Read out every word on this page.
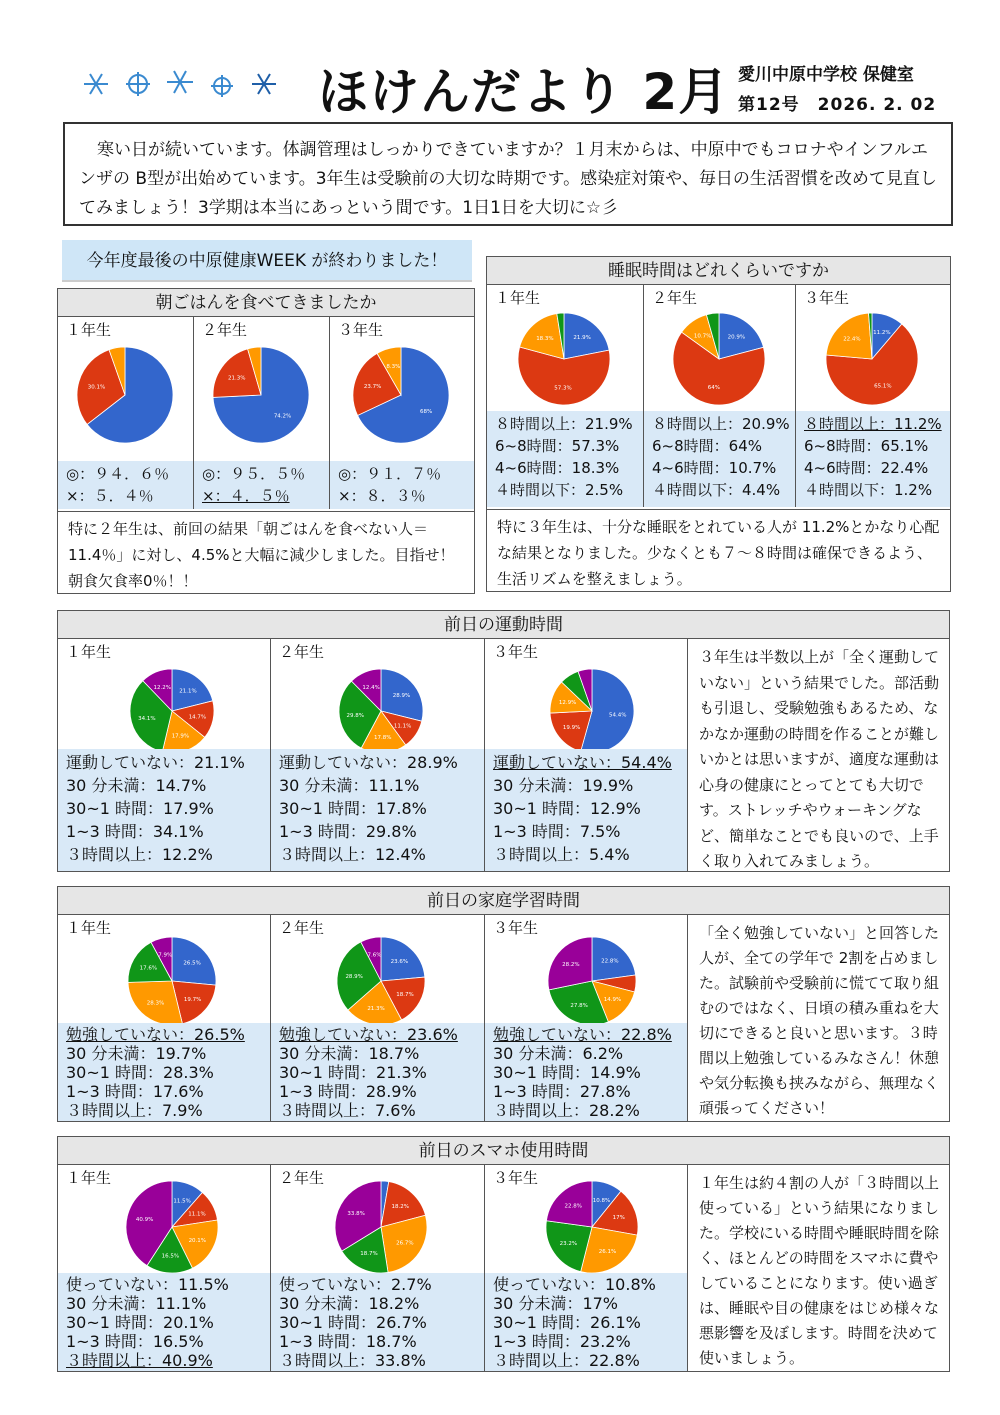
ほけんだより 2月 愛川中原中学校 保健室
第12号　2026. 2. 02
寒い日が続いています。体調管理はしっかりできていますか？１月末からは、中原中でもコロナやインフルエンザの B型が出始めています。3年生は受験前の大切な時期です。感染症対策や、毎日の生活習慣を改めて見直してみましょう！3学期は本当にあっという間です。1日1日を大切に☆彡
今年度最後の中原健康WEEK が終わりました！
朝ごはんを食べてきましたか
１年生
30.1%
２年生
74.2%
21.3%
３年生
68%
23.7%
8.3%
◎：９４．６％
×：５．４％
◎：９５．５％
×：４．５％
◎：９１．７％
×：８．３％
特に２年生は、前回の結果「朝ごはんを食べない人＝11.4％」に対し、4.5%と大幅に減少しました。目指せ！朝食欠食率0％！！
睡眠時間はどれくらいですか
１年生
21.9%
57.3%
18.3%
２年生
20.9%
64%
10.7%
３年生
11.2%
65.1%
22.4%
８時間以上：21.9%
6~8時間：57.3%
4~6時間：18.3%
４時間以下：2.5%
８時間以上：20.9%
6~8時間：64%
4~6時間：10.7%
４時間以下：4.4%
８時間以上：11.2%
6~8時間：65.1%
4~6時間：22.4%
４時間以下：1.2%
特に３年生は、十分な睡眠をとれている人が 11.2%とかなり心配な結果となりました。少なくとも７～８時間は確保できるよう、生活リズムを整えましょう。
前日の運動時間
１年生
21.1%
14.7%
17.9%
34.1%
12.2%
２年生
28.9%
11.1%
17.8%
29.8%
12.4%
３年生
54.4%
19.9%
12.9%
運動していない：21.1%
30 分未満：14.7%
30~1 時間：17.9%
1~3 時間：34.1%
３時間以上：12.2%
運動していない：28.9%
30 分未満：11.1%
30~1 時間：17.8%
1~3 時間：29.8%
３時間以上：12.4%
運動していない：54.4%
30 分未満：19.9%
30~1 時間：12.9%
1~3 時間：7.5%
３時間以上：5.4%
３年生は半数以上が「全く運動していない」という結果でした。部活動も引退し、受験勉強もあるため、なかなか運動の時間を作ることが難しいかとは思いますが、適度な運動は心身の健康にとってとても大切です。ストレッチやウォーキングなど、簡単なことでも良いので、上手く取り入れてみましょう。
前日の家庭学習時間
１年生
26.5%
19.7%
28.3%
17.6%
7.9%
２年生
23.6%
18.7%
21.3%
28.9%
7.6%
３年生
22.8%
14.9%
27.8%
28.2%
勉強していない：26.5%
30 分未満：19.7%
30~1 時間：28.3%
1~3 時間：17.6%
３時間以上：7.9%
勉強していない：23.6%
30 分未満：18.7%
30~1 時間：21.3%
1~3 時間：28.9%
３時間以上：7.6%
勉強していない：22.8%
30 分未満：6.2%
30~1 時間：14.9%
1~3 時間：27.8%
３時間以上：28.2%
「全く勉強していない」と回答した人が、全ての学年で 2割を占めました。試験前や受験前に慌てて取り組むのではなく、日頃の積み重ねを大切にできると良いと思います。３時間以上勉強しているみなさん！休憩や気分転換も挟みながら、無理なく頑張ってください！
前日のスマホ使用時間
１年生
11.5%
11.1%
20.1%
16.5%
40.9%
２年生
18.2%
26.7%
18.7%
33.8%
３年生
10.8%
17%
26.1%
23.2%
22.8%
使っていない：11.5%
30 分未満：11.1%
30~1 時間：20.1%
1~3 時間：16.5%
３時間以上：40.9%
使っていない：2.7%
30 分未満：18.2%
30~1 時間：26.7%
1~3 時間：18.7%
３時間以上：33.8%
使っていない：10.8%
30 分未満：17%
30~1 時間：26.1%
1~3 時間：23.2%
３時間以上：22.8%
１年生は約４割の人が「３時間以上使っている」という結果になりました。学校にいる時間や睡眠時間を除く、ほとんどの時間をスマホに費やしていることになります。使い過ぎは、睡眠や目の健康をはじめ様々な悪影響を及ぼします。時間を決めて使いましょう。
